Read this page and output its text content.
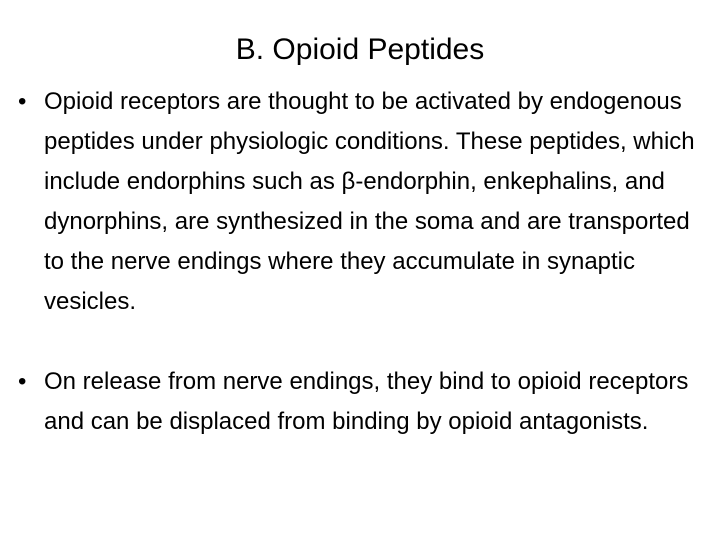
B. Opioid Peptides
• Opioid receptors are thought to be activated by endogenous peptides under physiologic conditions. These peptides, which include endorphins such as β-endorphin, enkephalins, and dynorphins, are synthesized in the soma and are transported to the nerve endings where they accumulate in synaptic vesicles.
• On release from nerve endings, they bind to opioid receptors and can be displaced from binding by opioid antagonists.
